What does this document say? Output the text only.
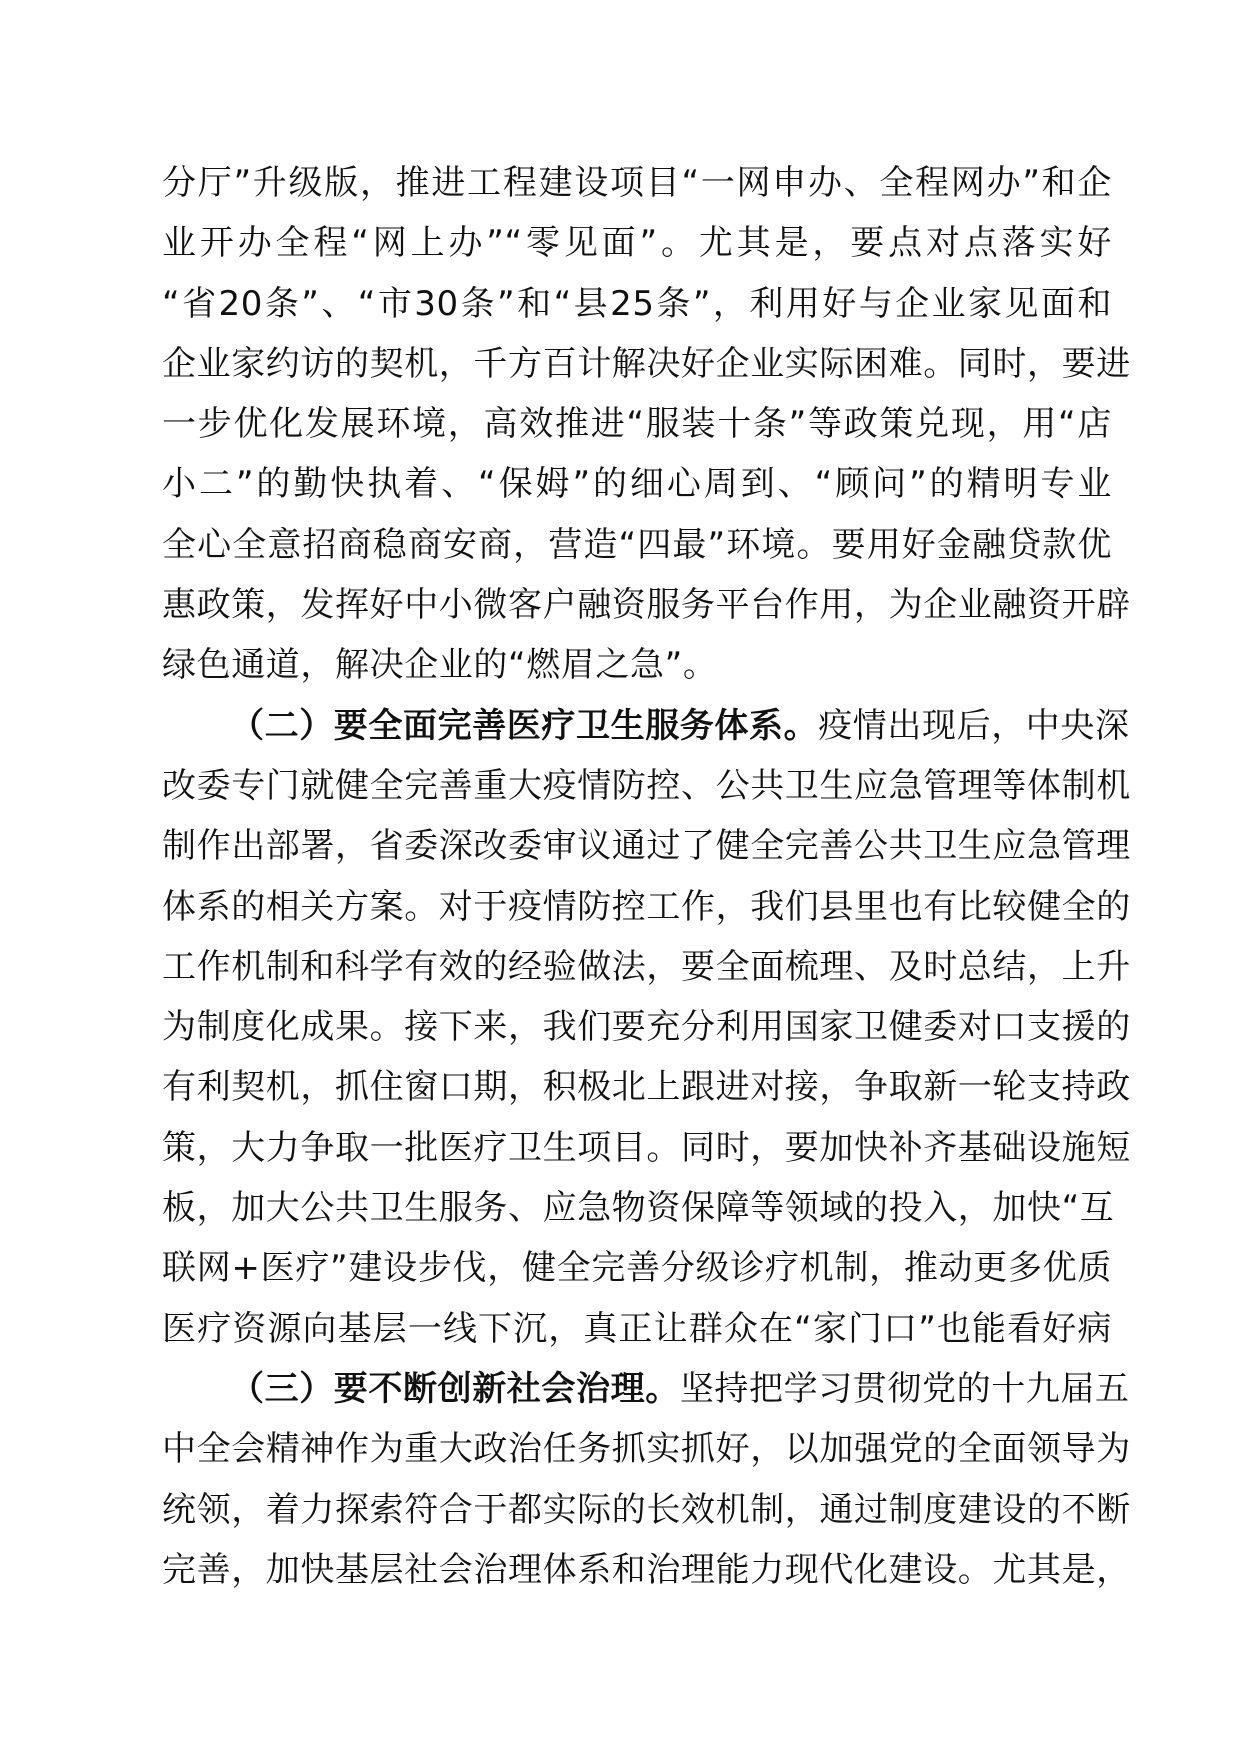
分厅”升级版，推进工程建设项目“一网申办、全程网办”和企
业开办全程“网上办”“零见面”。尤其是，要点对点落实好
“省20条”、“市30条”和“县25条”，利用好与企业家见面和
企业家约访的契机，千方百计解决好企业实际困难。同时，要进
一步优化发展环境，高效推进“服装十条”等政策兑现，用“店
小二”的勤快执着、“保姆”的细心周到、“顾问”的精明专业
全心全意招商稳商安商，营造“四最”环境。要用好金融贷款优
惠政策，发挥好中小微客户融资服务平台作用，为企业融资开辟
绿色通道，解决企业的“燃眉之急”。
（二）要全面完善医疗卫生服务体系。疫情出现后，中央深
改委专门就健全完善重大疫情防控、公共卫生应急管理等体制机
制作出部署，省委深改委审议通过了健全完善公共卫生应急管理
体系的相关方案。对于疫情防控工作，我们县里也有比较健全的
工作机制和科学有效的经验做法，要全面梳理、及时总结，上升
为制度化成果。接下来，我们要充分利用国家卫健委对口支援的
有利契机，抓住窗口期，积极北上跟进对接，争取新一轮支持政
策，大力争取一批医疗卫生项目。同时，要加快补齐基础设施短
板，加大公共卫生服务、应急物资保障等领域的投入，加快“互
联网+医疗”建设步伐，健全完善分级诊疗机制，推动更多优质
医疗资源向基层一线下沉，真正让群众在“家门口”也能看好病
（三）要不断创新社会治理。坚持把学习贯彻党的十九届五
中全会精神作为重大政治任务抓实抓好，以加强党的全面领导为
统领，着力探索符合于都实际的长效机制，通过制度建设的不断
完善，加快基层社会治理体系和治理能力现代化建设。尤其是，
